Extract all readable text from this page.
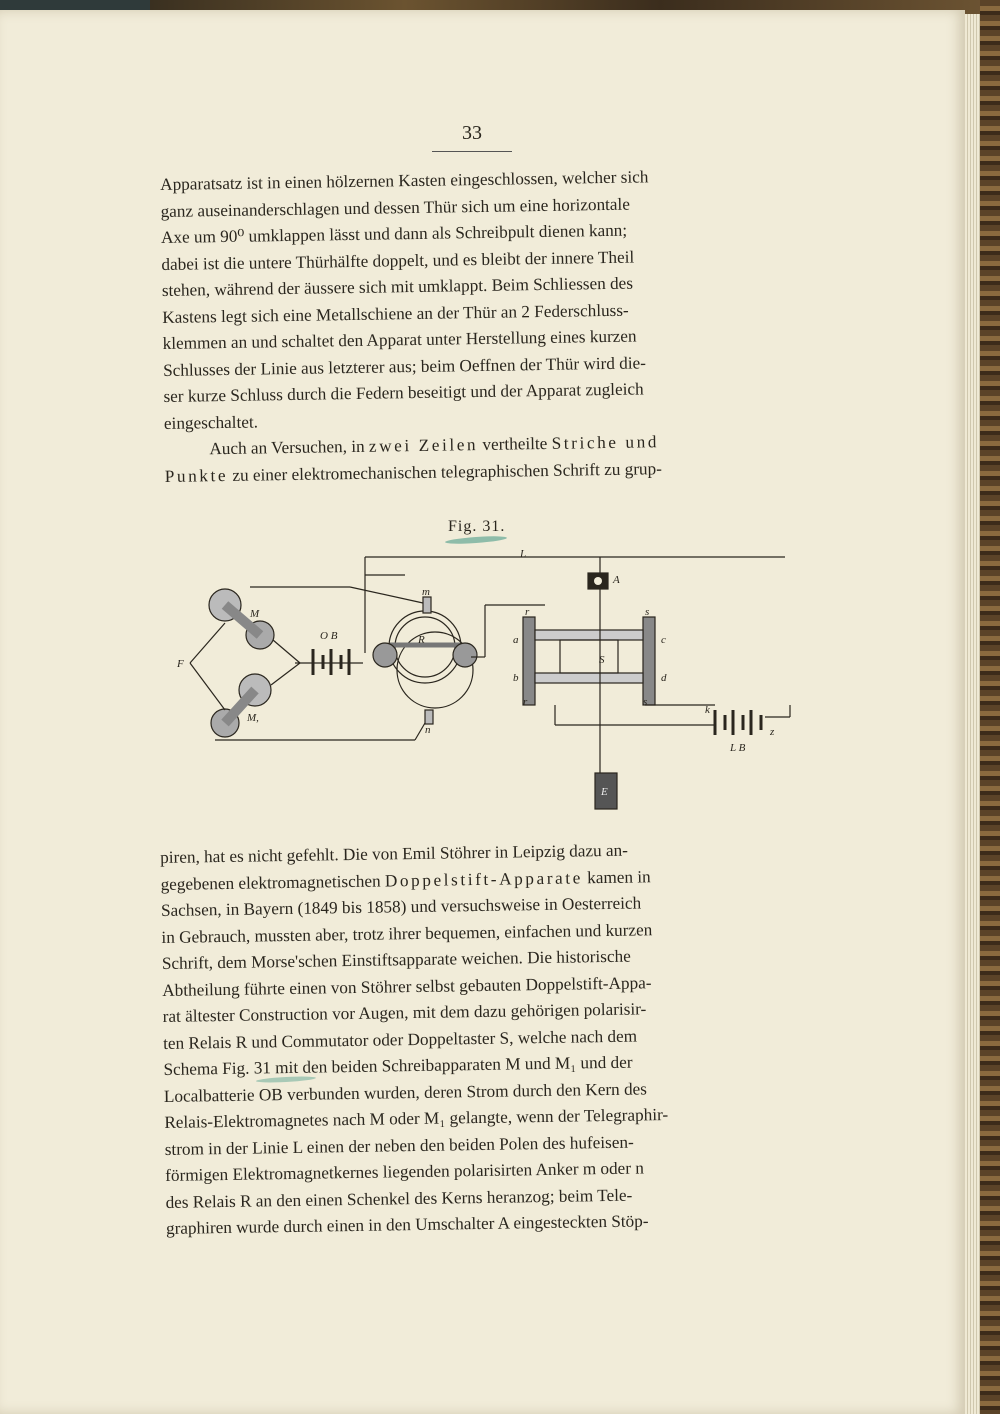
33

Apparatsatz ist in einen hölzernen Kasten eingeschlossen, welcher sich

ganz auseinanderschlagen und dessen Thür sich um eine horizontale

Axe um 90⁰ umklappen lässt und dann als Schreibpult dienen kann;

dabei ist die untere Thürhälfte doppelt, und es bleibt der innere Theil

stehen, während der äussere sich mit umklappt. Beim Schliessen des

Kastens legt sich eine Metallschiene an der Thür an 2 Federschluss-

klemmen an und schaltet den Apparat unter Herstellung eines kurzen

Schlusses der Linie aus letzterer aus; beim Oeffnen der Thür wird die-

ser kurze Schluss durch die Federn beseitigt und der Apparat zugleich

eingeschaltet.

Auch an Versuchen, in zwei Zeilen vertheilte Striche und

Punkte zu einer elektromechanischen telegraphischen Schrift zu grup-

Fig. 31.
L
A
m
M
O B	R
F
M,
n
r	s
a	c
S
b	d
r	s
k
z
L B
E

piren, hat es nicht gefehlt. Die von Emil Stöhrer in Leipzig dazu an-

gegebenen elektromagnetischen Doppelstift-Apparate kamen in

Sachsen, in Bayern (1849 bis 1858) und versuchsweise in Oesterreich

in Gebrauch, mussten aber, trotz ihrer bequemen, einfachen und kurzen

Schrift, dem Morse'schen Einstiftsapparate weichen. Die historische

Abtheilung führte einen von Stöhrer selbst gebauten Doppelstift-Appa-

rat ältester Construction vor Augen, mit dem dazu gehörigen polarisir-

ten Relais R und Commutator oder Doppeltaster S, welche nach dem

Schema Fig. 31 mit den beiden Schreibapparaten M und M₁ und der

Localbatterie OB verbunden wurden, deren Strom durch den Kern des

Relais-Elektromagnetes nach M oder M₁ gelangte, wenn der Telegraphir-

strom in der Linie L einen der neben den beiden Polen des hufeisen-

förmigen Elektromagnetkernes liegenden polarisirten Anker m oder n

des Relais R an den einen Schenkel des Kerns heranzog; beim Tele-

graphiren wurde durch einen in den Umschalter A eingesteckten Stöp-
